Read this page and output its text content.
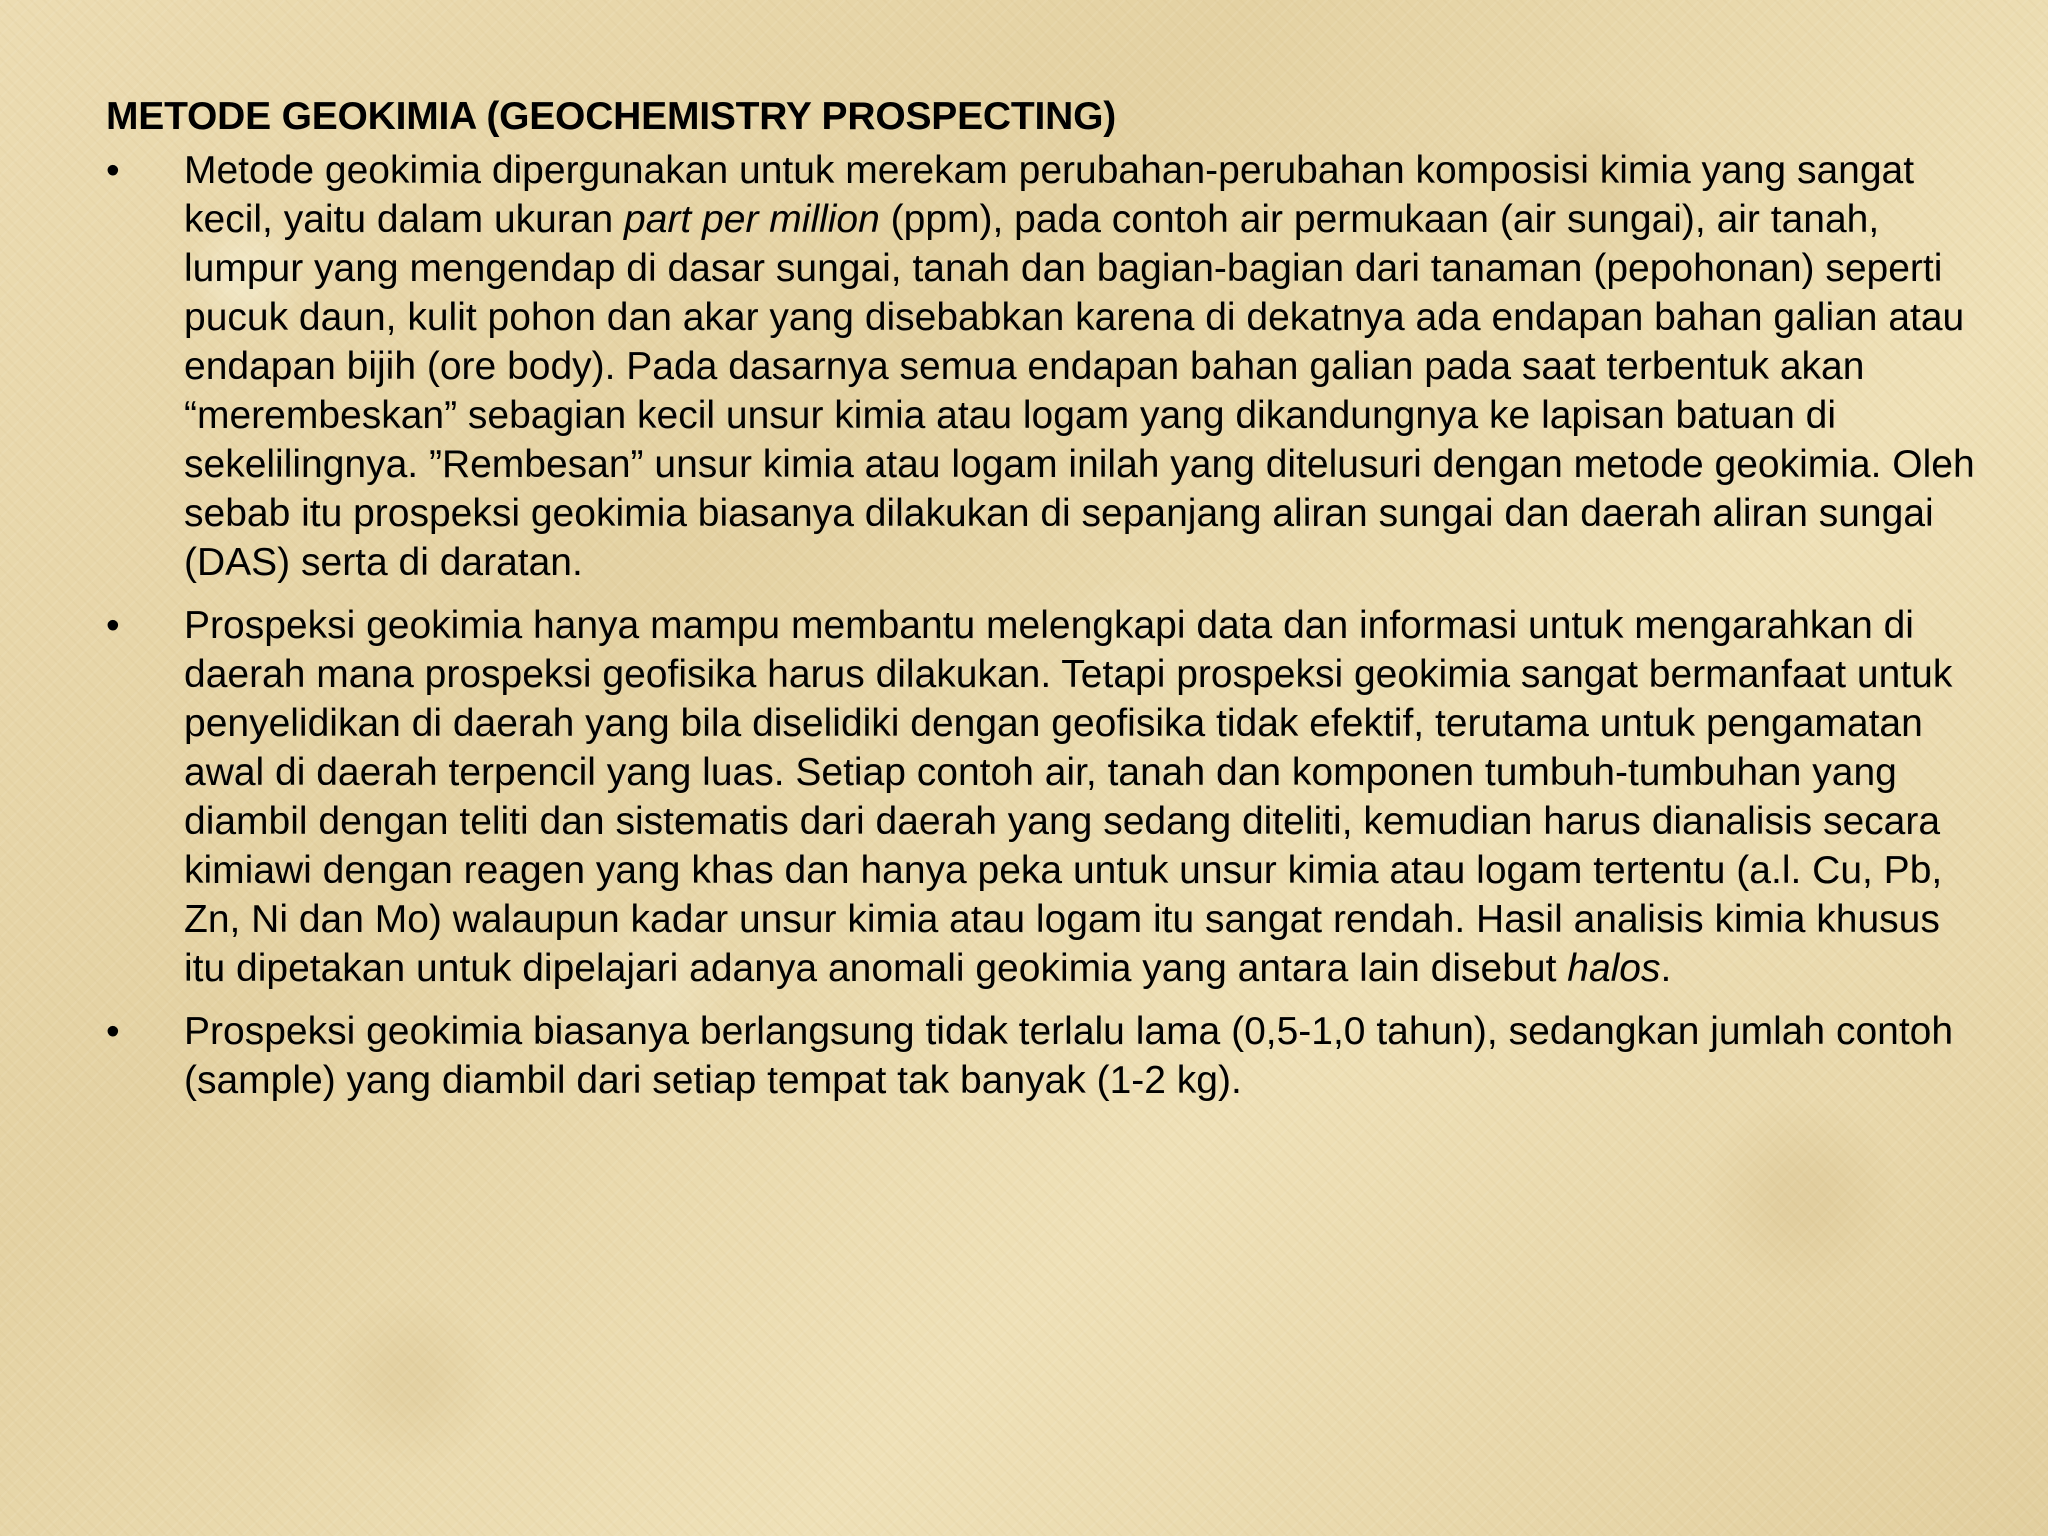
METODE GEOKIMIA (GEOCHEMISTRY PROSPECTING)
•	Metode geokimia dipergunakan untuk merekam perubahan-perubahan komposisi kimia yang sangat kecil, yaitu dalam ukuran part per million (ppm), pada contoh air permukaan (air sungai), air tanah, lumpur yang mengendap di dasar sungai, tanah dan bagian-bagian dari tanaman (pepohonan) seperti pucuk daun, kulit pohon dan akar yang disebabkan karena di dekatnya ada endapan bahan galian atau endapan bijih (ore body). Pada dasarnya semua endapan bahan galian pada saat terbentuk akan “merembeskan” sebagian kecil unsur kimia atau logam yang dikandungnya ke lapisan batuan di sekelilingnya. ”Rembesan” unsur kimia atau logam inilah yang ditelusuri dengan metode geokimia. Oleh sebab itu prospeksi geokimia biasanya dilakukan di sepanjang aliran sungai dan daerah aliran sungai (DAS) serta di daratan.
•	Prospeksi geokimia hanya mampu membantu melengkapi data dan informasi untuk mengarahkan di daerah mana prospeksi geofisika harus dilakukan. Tetapi prospeksi geokimia sangat bermanfaat untuk penyelidikan di daerah yang bila diselidiki dengan geofisika tidak efektif, terutama untuk pengamatan awal di daerah terpencil yang luas. Setiap contoh air, tanah dan komponen tumbuh-tumbuhan yang diambil dengan teliti dan sistematis dari daerah yang sedang diteliti, kemudian harus dianalisis secara kimiawi dengan reagen yang khas dan hanya peka untuk unsur kimia atau logam tertentu (a.l. Cu, Pb, Zn, Ni dan Mo) walaupun kadar unsur kimia atau logam itu sangat rendah. Hasil analisis kimia khusus itu dipetakan untuk dipelajari adanya anomali geokimia yang antara lain disebut halos.
•	Prospeksi geokimia biasanya berlangsung tidak terlalu lama (0,5-1,0 tahun), sedangkan jumlah contoh (sample) yang diambil dari setiap tempat tak banyak (1-2 kg).
